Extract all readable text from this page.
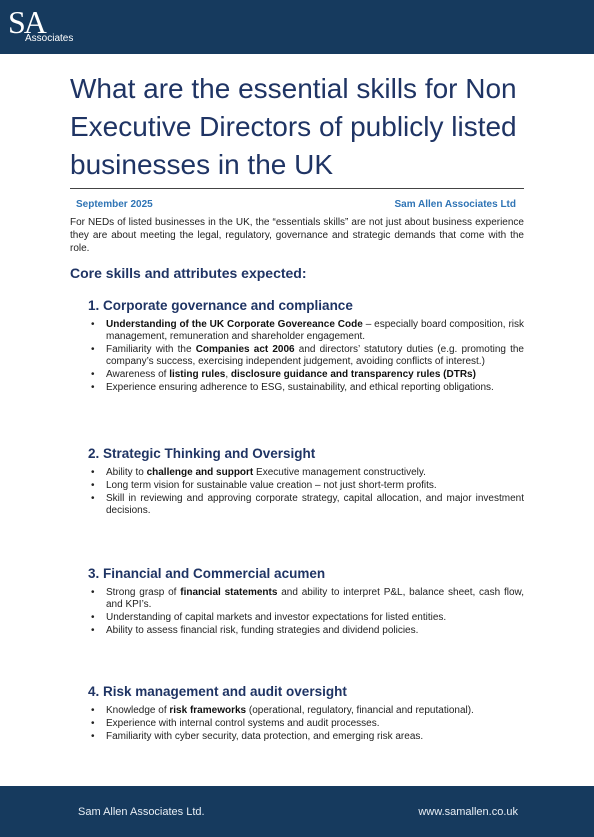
SA
Associates
What are the essential skills for Non Executive Directors of publicly listed businesses in the UK
September 2025	Sam Allen Associates Ltd

For NEDs of listed businesses in the UK, the “essentials skills” are not just about business experience they are about meeting the legal, regulatory, governance and strategic demands that come with the role.

Core skills and attributes expected:
1. Corporate governance and compliance
• Understanding of the UK Corporate Govereance Code – especially board composition, risk management, remuneration and shareholder engagement.
• Familiarity with the Companies act 2006 and directors’ statutory duties (e.g. promoting the company’s success, exercising independent judgement, avoiding conflicts of interest.)
• Awareness of listing rules, disclosure guidance and transparency rules (DTRs)
• Experience ensuring adherence to ESG, sustainability, and ethical reporting obligations.
2. Strategic Thinking and Oversight
• Ability to challenge and support Executive management constructively.
• Long term vision for sustainable value creation – not just short-term profits.
• Skill in reviewing and approving corporate strategy, capital allocation, and major investment decisions.
3. Financial and Commercial acumen
• Strong grasp of financial statements and ability to interpret P&L, balance sheet, cash flow, and KPI’s.
• Understanding of capital markets and investor expectations for listed entities.
• Ability to assess financial risk, funding strategies and dividend policies.
4. Risk management and audit oversight
• Knowledge of risk frameworks (operational, regulatory, financial and reputational).
• Experience with internal control systems and audit processes.
• Familiarity with cyber security, data protection, and emerging risk areas.
Sam Allen Associates Ltd.	www.samallen.co.uk
